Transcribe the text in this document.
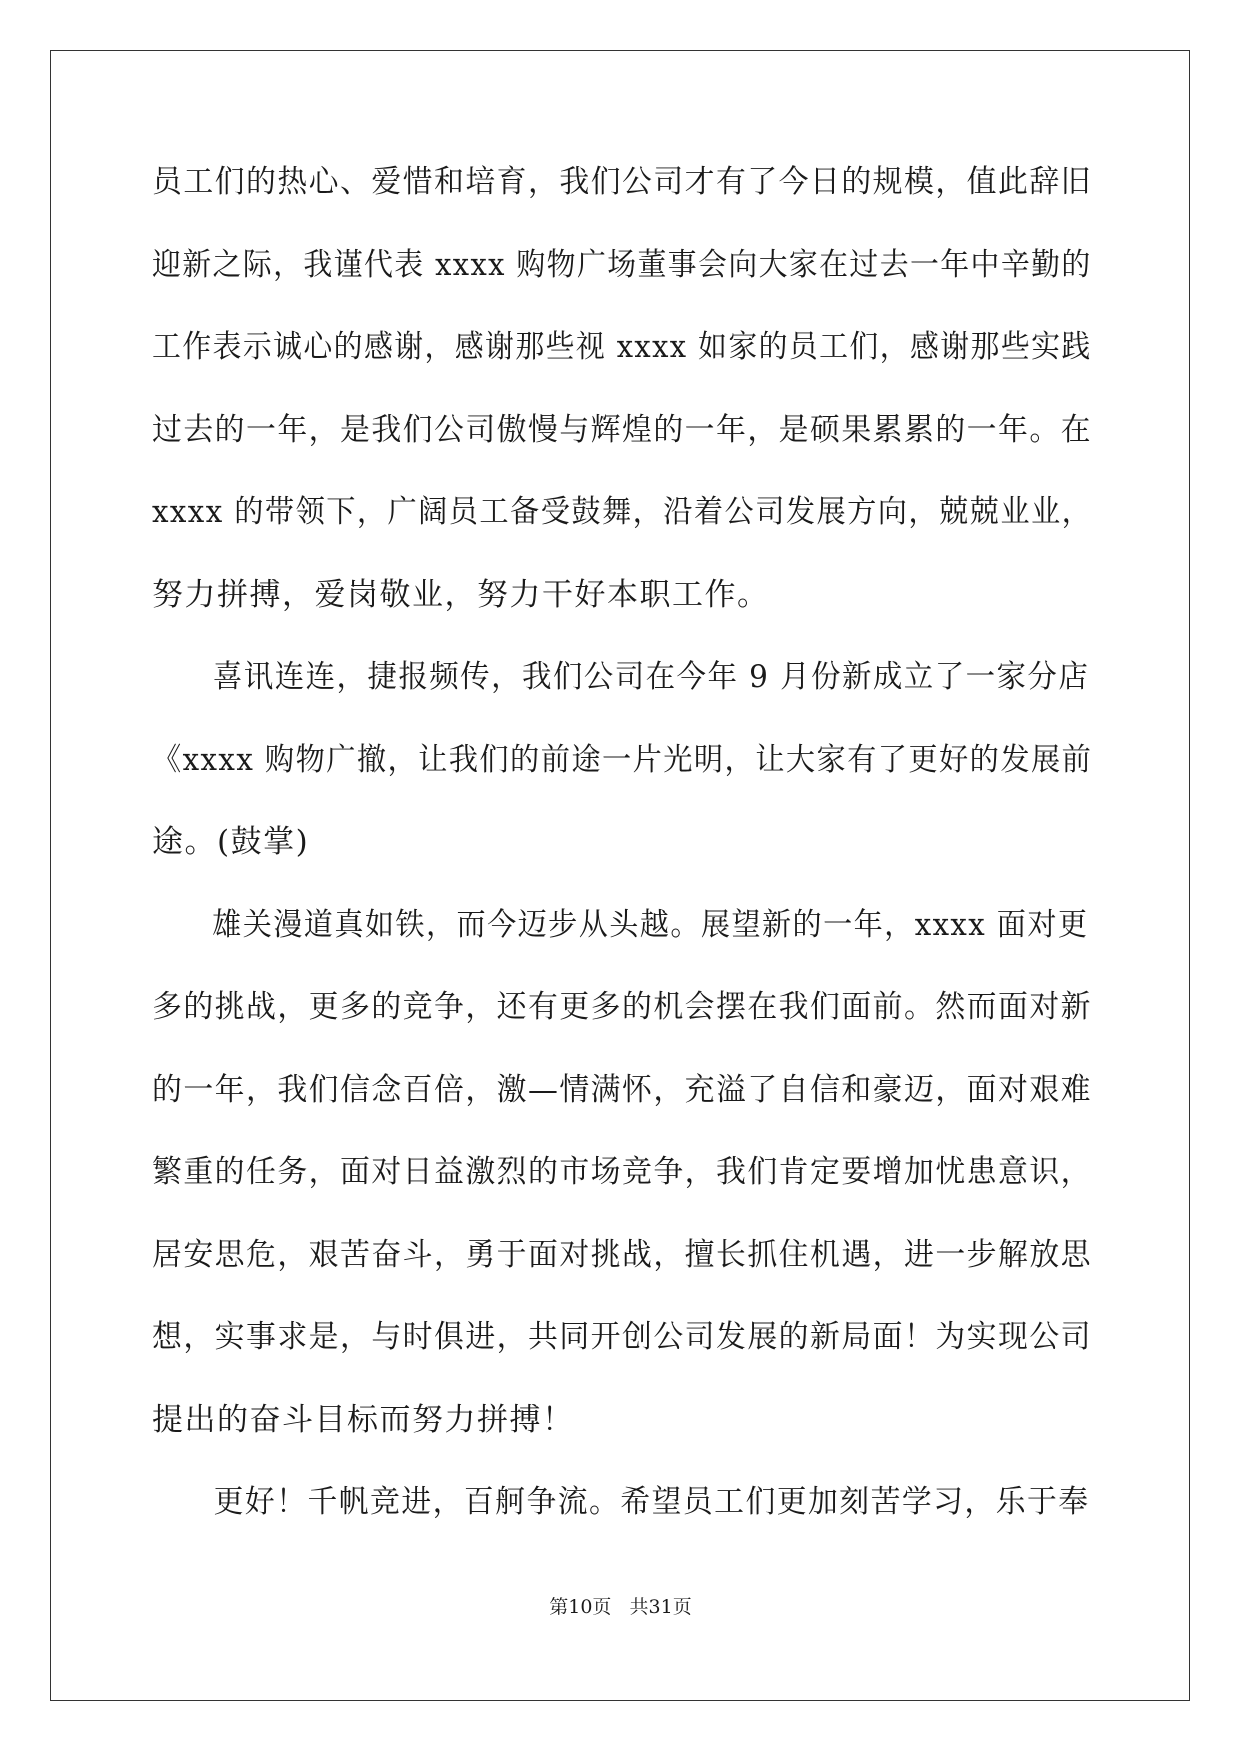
员工们的热心、爱惜和培育，我们公司才有了今日的规模，值此辞旧
迎新之际，我谨代表 xxxx 购物广场董事会向大家在过去一年中辛勤的
工作表示诚心的感谢，感谢那些视 xxxx 如家的员工们，感谢那些实践
过去的一年，是我们公司傲慢与辉煌的一年，是硕果累累的一年。在
xxxx 的带领下，广阔员工备受鼓舞，沿着公司发展方向，兢兢业业，
努力拼搏，爱岗敬业，努力干好本职工作。
喜讯连连，捷报频传，我们公司在今年 9 月份新成立了一家分店
《xxxx 购物广撤，让我们的前途一片光明，让大家有了更好的发展前
途。(鼓掌)
雄关漫道真如铁，而今迈步从头越。展望新的一年，xxxx 面对更
多的挑战，更多的竞争，还有更多的机会摆在我们面前。然而面对新
的一年，我们信念百倍，激—情满怀，充溢了自信和豪迈，面对艰难
繁重的任务，面对日益激烈的市场竞争，我们肯定要增加忧患意识，
居安思危，艰苦奋斗，勇于面对挑战，擅长抓住机遇，进一步解放思
想，实事求是，与时俱进，共同开创公司发展的新局面！为实现公司
提出的奋斗目标而努力拼搏！
更好！千帆竞进，百舸争流。希望员工们更加刻苦学习，乐于奉
第10页   共31页
